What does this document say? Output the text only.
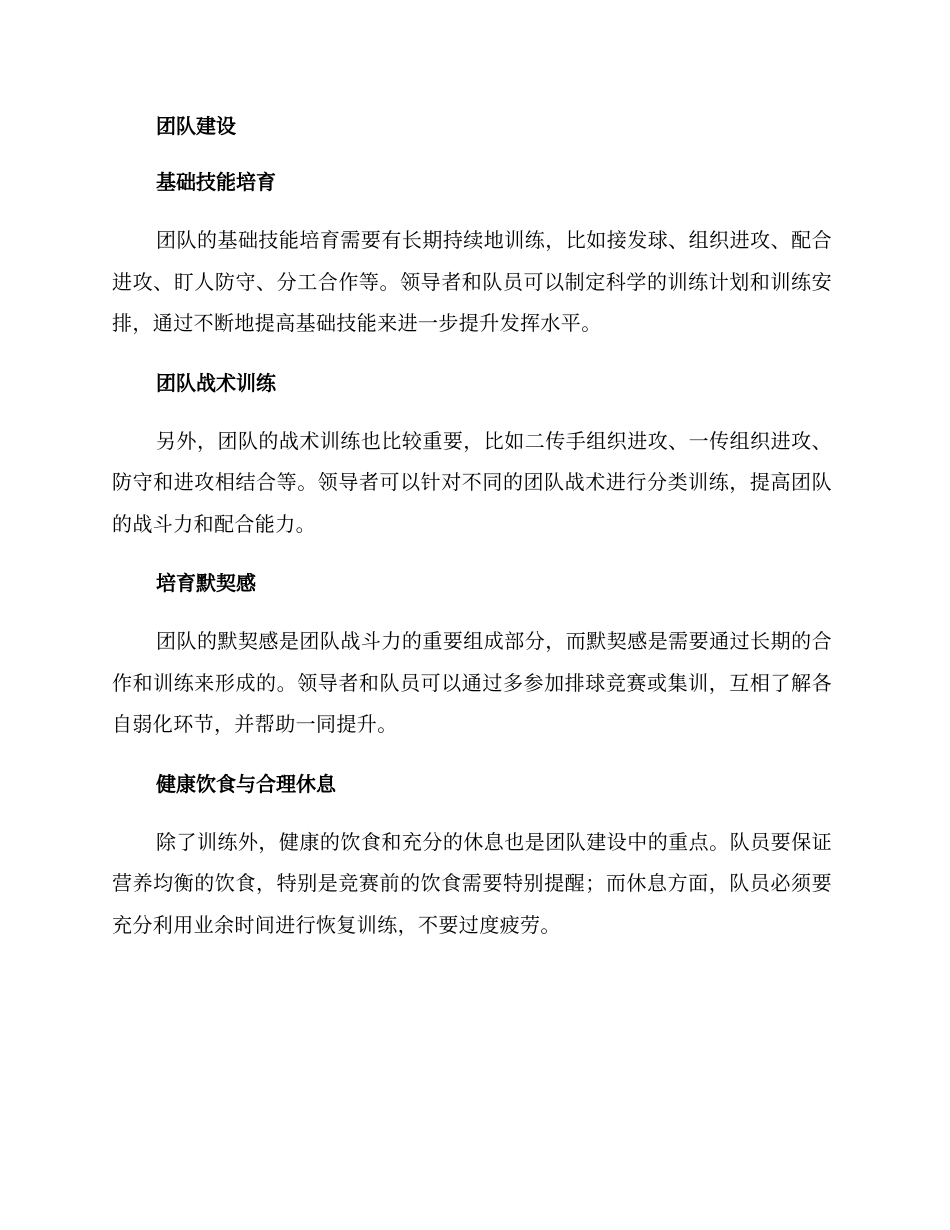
团队建设
基础技能培育

团队的基础技能培育需要有长期持续地训练，比如接发球、组织进攻、配合进攻、盯人防守、分工合作等。领导者和队员可以制定科学的训练计划和训练安排，通过不断地提高基础技能来进一步提升发挥水平。

团队战术训练

另外，团队的战术训练也比较重要，比如二传手组织进攻、一传组织进攻、防守和进攻相结合等。领导者可以针对不同的团队战术进行分类训练，提高团队的战斗力和配合能力。

培育默契感

团队的默契感是团队战斗力的重要组成部分，而默契感是需要通过长期的合作和训练来形成的。领导者和队员可以通过多参加排球竞赛或集训，互相了解各自弱化环节，并帮助一同提升。

健康饮食与合理休息

除了训练外，健康的饮食和充分的休息也是团队建设中的重点。队员要保证营养均衡的饮食，特别是竞赛前的饮食需要特别提醒；而休息方面，队员必须要充分利用业余时间进行恢复训练，不要过度疲劳。
